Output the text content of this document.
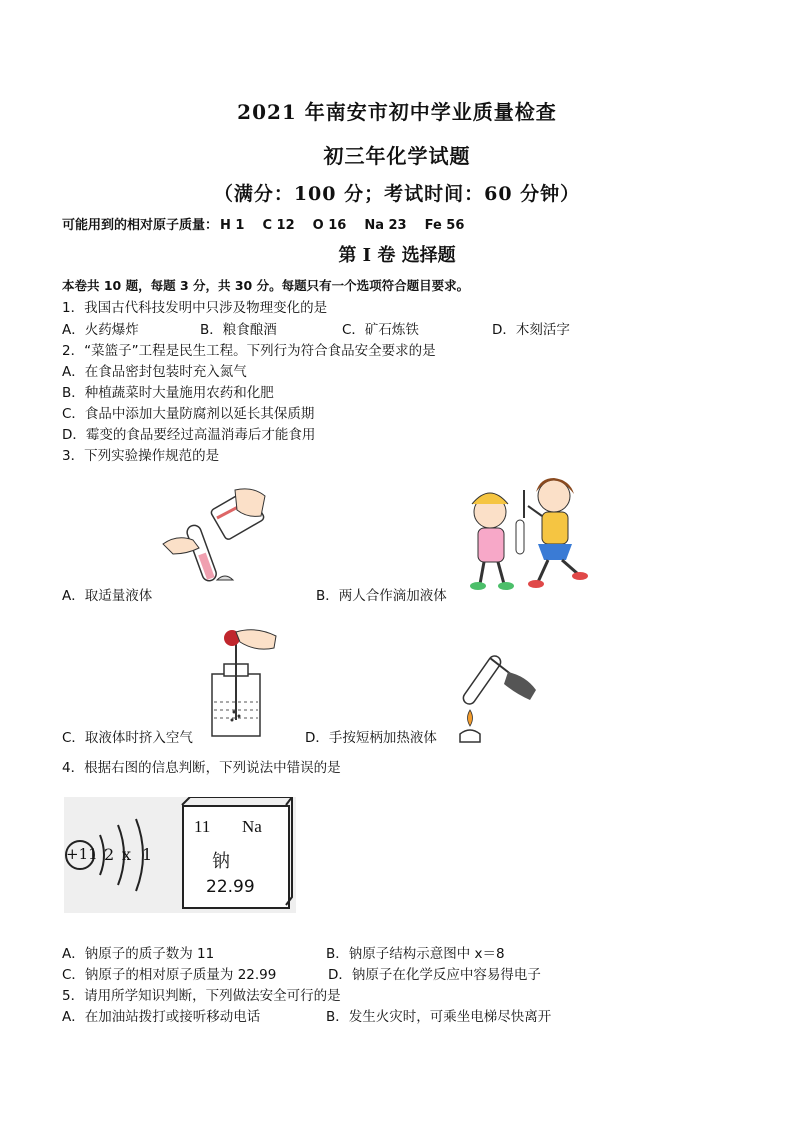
2021 年南安市初中学业质量检查
初三年化学试题
（满分：100 分；考试时间：60 分钟）
可能用到的相对原子质量： H 1 C 12 O 16 Na 23 Fe 56
第 I 卷 选择题
本卷共 10 题，每题 3 分，共 30 分。每题只有一个选项符合题目要求。
1．我国古代科技发明中只涉及物理变化的是
A．火药爆炸	B．粮食酿酒	C．矿石炼铁	D．木刻活字
2．“菜篮子”工程是民生工程。下列行为符合食品安全要求的是
A．在食品密封包装时充入氮气
B．种植蔬菜时大量施用农药和化肥
C．食品中添加大量防腐剂以延长其保质期
D．霉变的食品要经过高温消毒后才能食用
3．下列实验操作规范的是
A．取适量液体	B．两人合作滴加液体
C．取液体时挤入空气	D．手按短柄加热液体
4．根据右图的信息判断，下列说法中错误的是
+11 2 x 1
11 Na
钠
22.99
A．钠原子的质子数为 11	B．钠原子结构示意图中 x＝8
C．钠原子的相对原子质量为 22.99	D．钠原子在化学反应中容易得电子
5．请用所学知识判断，下列做法安全可行的是
A．在加油站拨打或接听移动电话	B．发生火灾时，可乘坐电梯尽快离开
